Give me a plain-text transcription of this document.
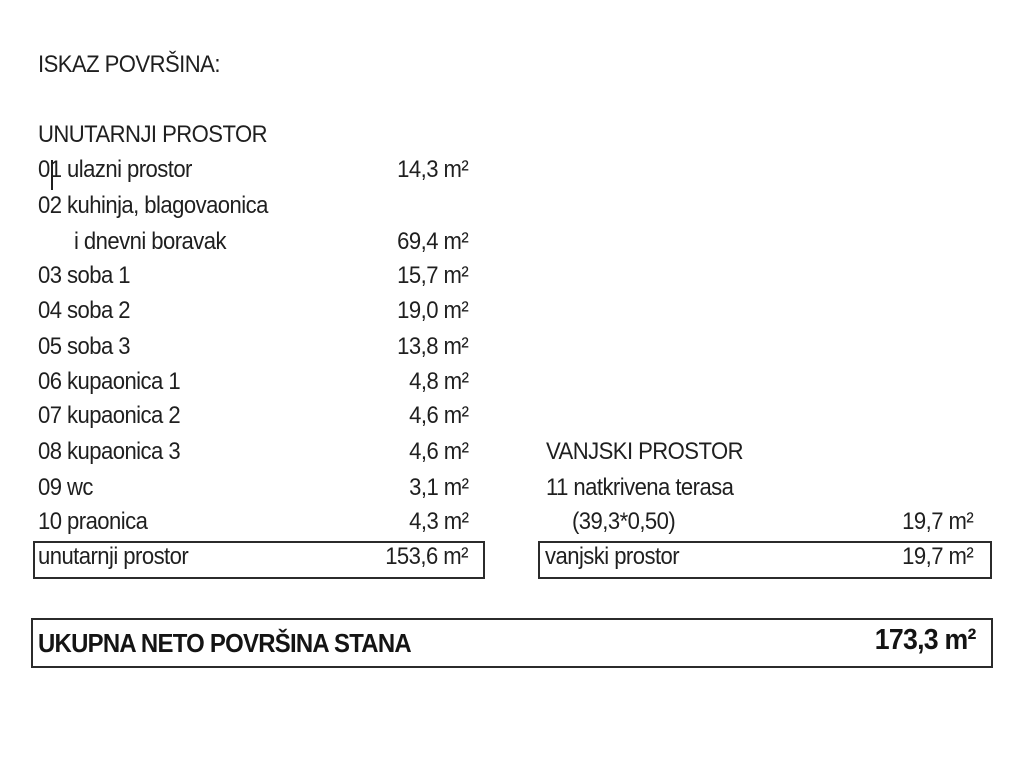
ISKAZ POVRŠINA:
UNUTARNJI PROSTOR
01 ulazni prostor	14,3 m²
02 kuhinja, blagovaonica
i dnevni boravak	69,4 m²
03 soba 1	15,7 m²
04 soba 2	19,0 m²
05 soba 3	13,8 m²
06 kupaonica 1	4,8 m²
07 kupaonica 2	4,6 m²
08 kupaonica 3	4,6 m²
09 wc	3,1 m²
10 praonica	4,3 m²
unutarnji prostor	153,6 m²
VANJSKI PROSTOR
11 natkrivena terasa
(39,3*0,50)	19,7 m²
vanjski prostor	19,7 m²
UKUPNA NETO POVRŠINA STANA	173,3 m²
